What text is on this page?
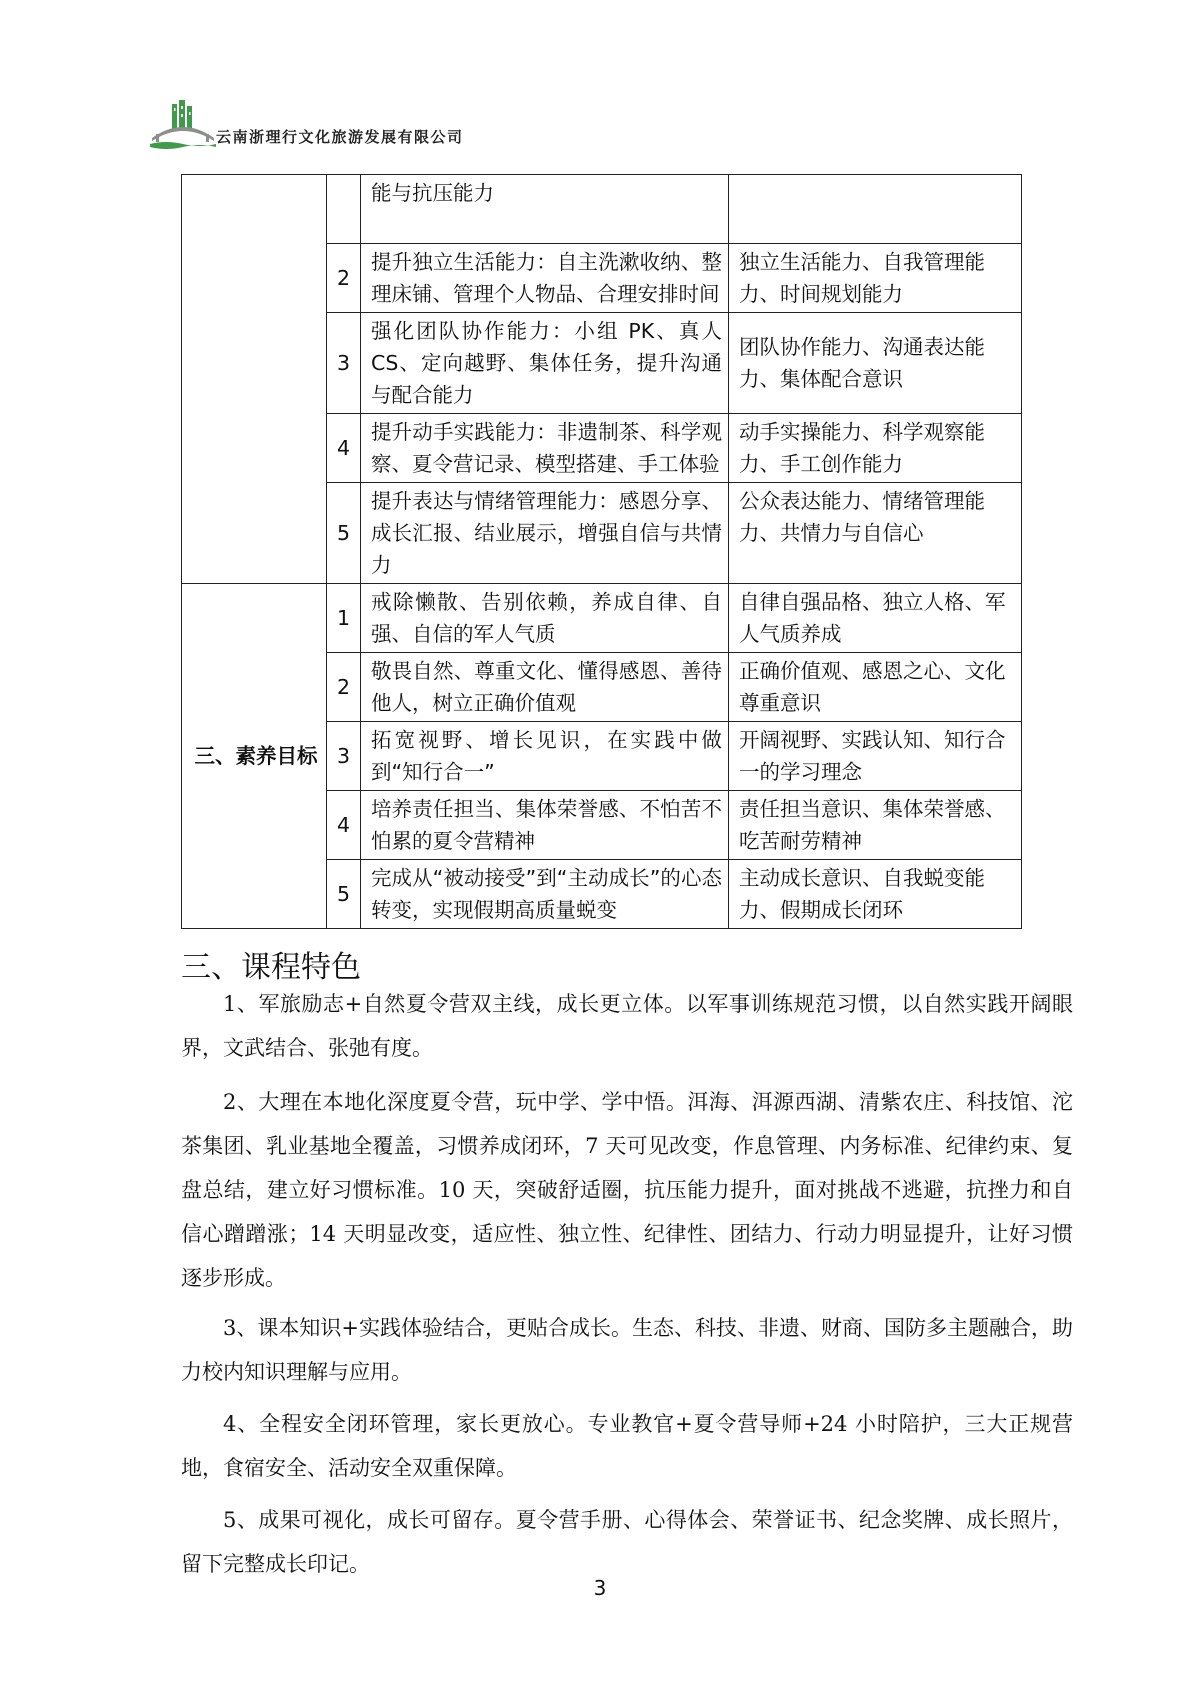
云南浙理行文化旅游发展有限公司
		能与抗压能力	
	2	提升独立生活能力：自主洗漱收纳、整理床铺、管理个人物品、合理安排时间	独立生活能力、自我管理能力、时间规划能力
	3	强化团队协作能力：小组 PK、真人 CS、定向越野、集体任务，提升沟通与配合能力	团队协作能力、沟通表达能力、集体配合意识
	4	提升动手实践能力：非遗制茶、科学观察、夏令营记录、模型搭建、手工体验	动手实操能力、科学观察能力、手工创作能力
	5	提升表达与情绪管理能力：感恩分享、成长汇报、结业展示，增强自信与共情力	公众表达能力、情绪管理能力、共情力与自信心
三、素养目标	1	戒除懒散、告别依赖，养成自律、自强、自信的军人气质	自律自强品格、独立人格、军人气质养成
	2	敬畏自然、尊重文化、懂得感恩、善待他人，树立正确价值观	正确价值观、感恩之心、文化尊重意识
	3	拓宽视野、增长见识，在实践中做到“知行合一”	开阔视野、实践认知、知行合一的学习理念
	4	培养责任担当、集体荣誉感、不怕苦不怕累的夏令营精神	责任担当意识、集体荣誉感、吃苦耐劳精神
	5	完成从“被动接受”到“主动成长”的心态转变，实现假期高质量蜕变	主动成长意识、自我蜕变能力、假期成长闭环
三、课程特色

1、军旅励志+自然夏令营双主线，成长更立体。以军事训练规范习惯，以自然实践开阔眼界，文武结合、张弛有度。

2、大理在本地化深度夏令营，玩中学、学中悟。洱海、洱源西湖、清紫农庄、科技馆、沱茶集团、乳业基地全覆盖，习惯养成闭环，7 天可见改变，作息管理、内务标准、纪律约束、复盘总结，建立好习惯标准。10 天，突破舒适圈，抗压能力提升，面对挑战不逃避，抗挫力和自信心蹭蹭涨；14 天明显改变，适应性、独立性、纪律性、团结力、行动力明显提升，让好习惯逐步形成。

3、课本知识+实践体验结合，更贴合成长。生态、科技、非遗、财商、国防多主题融合，助力校内知识理解与应用。

4、全程安全闭环管理，家长更放心。专业教官+夏令营导师+24 小时陪护，三大正规营地，食宿安全、活动安全双重保障。

5、成果可视化，成长可留存。夏令营手册、心得体会、荣誉证书、纪念奖牌、成长照片，留下完整成长印记。

3
